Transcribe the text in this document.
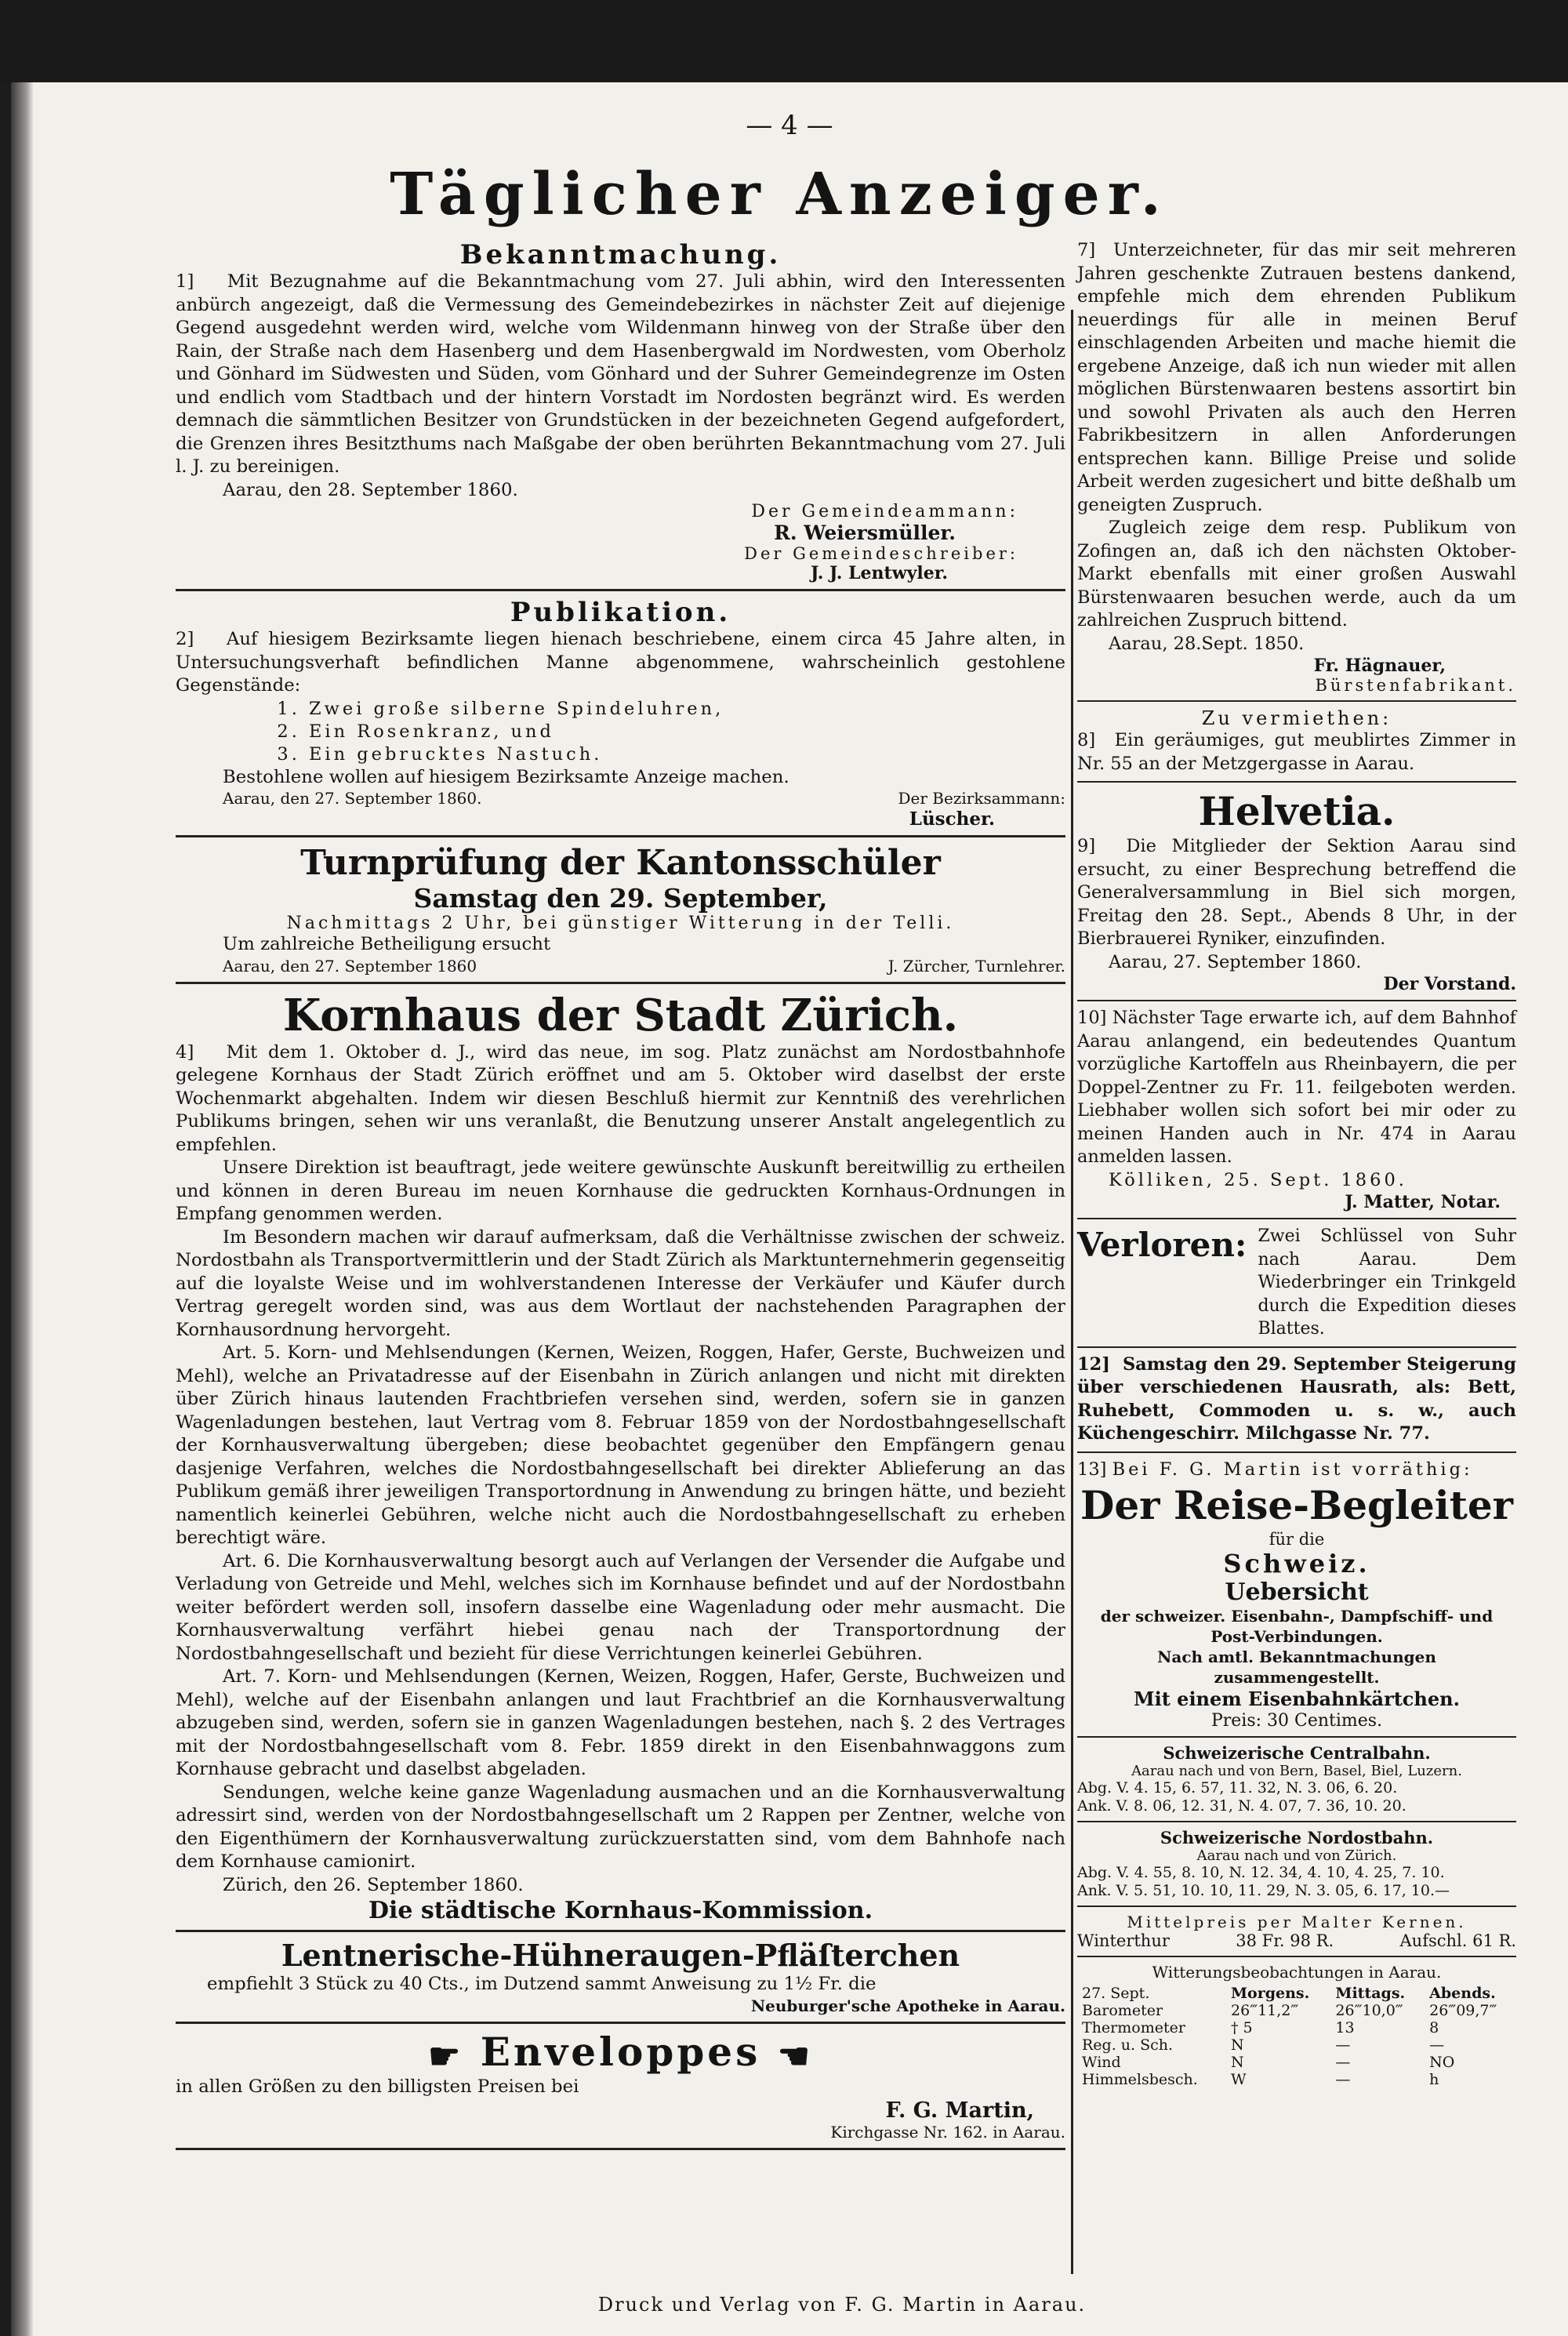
— 4 —
Täglicher Anzeiger.

Bekanntmachung.

1] Mit Bezugnahme auf die Bekanntmachung vom 27. Juli abhin, wird den Interessenten anbürch angezeigt, daß die Vermessung des Gemeindebezirkes in nächster Zeit auf diejenige Gegend ausgedehnt werden wird, welche vom Wildenmann hinweg von der Straße über den Rain, der Straße nach dem Hasenberg und dem Hasenbergwald im Nordwesten, vom Oberholz und Gönhard im Südwesten und Süden, vom Gönhard und der Suhrer Gemeindegrenze im Osten und endlich vom Stadtbach und der hintern Vorstadt im Nordosten begränzt wird. Es werden demnach die sämmtlichen Besitzer von Grundstücken in der bezeichneten Gegend aufgefordert, die Grenzen ihres Besitzthums nach Maßgabe der oben berührten Bekanntmachung vom 27. Juli l. J. zu bereinigen.

Aarau, den 28. September 1860.

Der Gemeindeammann:

R. Weiersmüller.

Der Gemeindeschreiber:

J. J. Lentwyler.

Publikation.

2] Auf hiesigem Bezirksamte liegen hienach beschriebene, einem circa 45 Jahre alten, in Untersuchungsverhaft befindlichen Manne abgenommene, wahrscheinlich gestohlene Gegenstände:

1. Zwei große silberne Spindeluhren,
2. Ein Rosenkranz, und
3. Ein gebrucktes Nastuch.

Bestohlene wollen auf hiesigem Bezirksamte Anzeige machen.

Aarau, den 27. September 1860.	Der Bezirksammann:

Lüscher.

Turnprüfung der Kantonsschüler

Samstag den 29. September,

Nachmittags 2 Uhr, bei günstiger Witterung in der Telli.

Um zahlreiche Betheiligung ersucht

Aarau, den 27. September 1860	J. Zürcher, Turnlehrer.

Kornhaus der Stadt Zürich.

4] Mit dem 1. Oktober d. J., wird das neue, im sog. Platz zunächst am Nordostbahnhofe gelegene Kornhaus der Stadt Zürich eröffnet und am 5. Oktober wird daselbst der erste Wochenmarkt abgehalten. Indem wir diesen Beschluß hiermit zur Kenntniß des verehrlichen Publikums bringen, sehen wir uns veranlaßt, die Benutzung unserer Anstalt angelegentlich zu empfehlen.

Unsere Direktion ist beauftragt, jede weitere gewünschte Auskunft bereitwillig zu ertheilen und können in deren Bureau im neuen Kornhause die gedruckten Kornhaus-Ordnungen in Empfang genommen werden.

Im Besondern machen wir darauf aufmerksam, daß die Verhältnisse zwischen der schweiz. Nordostbahn als Transportvermittlerin und der Stadt Zürich als Marktunternehmerin gegenseitig auf die loyalste Weise und im wohlverstandenen Interesse der Verkäufer und Käufer durch Vertrag geregelt worden sind, was aus dem Wortlaut der nachstehenden Paragraphen der Kornhausordnung hervorgeht.

Art. 5. Korn- und Mehlsendungen (Kernen, Weizen, Roggen, Hafer, Gerste, Buchweizen und Mehl), welche an Privatadresse auf der Eisenbahn in Zürich anlangen und nicht mit direkten über Zürich hinaus lautenden Frachtbriefen versehen sind, werden, sofern sie in ganzen Wagenladungen bestehen, laut Vertrag vom 8. Februar 1859 von der Nordostbahngesellschaft der Kornhausverwaltung übergeben; diese beobachtet gegenüber den Empfängern genau dasjenige Verfahren, welches die Nordostbahngesellschaft bei direkter Ablieferung an das Publikum gemäß ihrer jeweiligen Transportordnung in Anwendung zu bringen hätte, und bezieht namentlich keinerlei Gebühren, welche nicht auch die Nordostbahngesellschaft zu erheben berechtigt wäre.

Art. 6. Die Kornhausverwaltung besorgt auch auf Verlangen der Versender die Aufgabe und Verladung von Getreide und Mehl, welches sich im Kornhause befindet und auf der Nordostbahn weiter befördert werden soll, insofern dasselbe eine Wagenladung oder mehr ausmacht. Die Kornhausverwaltung verfährt hiebei genau nach der Transportordnung der Nordostbahngesellschaft und bezieht für diese Verrichtungen keinerlei Gebühren.

Art. 7. Korn- und Mehlsendungen (Kernen, Weizen, Roggen, Hafer, Gerste, Buchweizen und Mehl), welche auf der Eisenbahn anlangen und laut Frachtbrief an die Kornhausverwaltung abzugeben sind, werden, sofern sie in ganzen Wagenladungen bestehen, nach §. 2 des Vertrages mit der Nordostbahngesellschaft vom 8. Febr. 1859 direkt in den Eisenbahnwaggons zum Kornhause gebracht und daselbst abgeladen.

Sendungen, welche keine ganze Wagenladung ausmachen und an die Kornhausverwaltung adressirt sind, werden von der Nordostbahngesellschaft um 2 Rappen per Zentner, welche von den Eigenthümern der Kornhausverwaltung zurückzuerstatten sind, vom dem Bahnhofe nach dem Kornhause camionirt.

Zürich, den 26. September 1860.

Die städtische Kornhaus-Kommission.

Lentnerische-Hühneraugen-Pfläſterchen

empfiehlt 3 Stück zu 40 Cts., im Dutzend sammt Anweisung zu 1½ Fr. die

Neuburger'sche Apotheke in Aarau.

☛ Enveloppes ☚

in allen Größen zu den billigsten Preisen bei

F. G. Martin,

Kirchgasse Nr. 162. in Aarau.

7] Unterzeichneter, für das mir seit mehreren Jahren geschenkte Zutrauen bestens dankend, empfehle mich dem ehrenden Publikum neuerdings für alle in meinen Beruf einschlagenden Arbeiten und mache hiemit die ergebene Anzeige, daß ich nun wieder mit allen möglichen Bürstenwaaren bestens assortirt bin und sowohl Privaten als auch den Herren Fabrikbesitzern in allen Anforderungen entsprechen kann. Billige Preise und solide Arbeit werden zugesichert und bitte deßhalb um geneigten Zuspruch.

Zugleich zeige dem resp. Publikum von Zofingen an, daß ich den nächsten Oktober-Markt ebenfalls mit einer großen Auswahl Bürstenwaaren besuchen werde, auch da um zahlreichen Zuspruch bittend.

Aarau, 28.Sept. 1850.

Fr. Hägnauer,

Bürstenfabrikant.

Zu vermiethen:

8] Ein geräumiges, gut meublirtes Zimmer in Nr. 55 an der Metzgergasse in Aarau.

Helvetia.

9] Die Mitglieder der Sektion Aarau sind ersucht, zu einer Besprechung betreffend die Generalversammlung in Biel sich morgen, Freitag den 28. Sept., Abends 8 Uhr, in der Bierbrauerei Ryniker, einzufinden.

Aarau, 27. September 1860.

Der Vorstand.

10] Nächster Tage erwarte ich, auf dem Bahnhof Aarau anlangend, ein bedeutendes Quantum vorzügliche Kartoffeln aus Rheinbayern, die per Doppel-Zentner zu Fr. 11. feilgeboten werden. Liebhaber wollen sich sofort bei mir oder zu meinen Handen auch in Nr. 474 in Aarau anmelden lassen.

Kölliken, 25. Sept. 1860.

J. Matter, Notar.

Verloren: Zwei Schlüssel von Suhr nach Aarau. Dem Wiederbringer ein Trinkgeld durch die Expedition dieses Blattes.

12] Samstag den 29. September Steigerung über verschiedenen Hausrath, als: Bett, Ruhebett, Commoden u. s. w., auch Küchengeschirr. Milchgasse Nr. 77.

13] Bei F. G. Martin ist vorräthig:

Der Reise-Begleiter

für die

Schweiz.

Uebersicht

der schweizer. Eisenbahn-, Dampfschiff- und Post-Verbindungen.

Nach amtl. Bekanntmachungen zusammengestellt.

Mit einem Eisenbahnkärtchen.

Preis: 30 Centimes.

Schweizerische Centralbahn.

Aarau nach und von Bern, Basel, Biel, Luzern.

Abg. V. 4. 15, 6. 57, 11. 32, N. 3. 06, 6. 20.

Ank. V. 8. 06, 12. 31, N. 4. 07, 7. 36, 10. 20.

Schweizerische Nordostbahn.

Aarau nach und von Zürich.

Abg. V. 4. 55, 8. 10, N. 12. 34, 4. 10, 4. 25, 7. 10.

Ank. V. 5. 51, 10. 10, 11. 29, N. 3. 05, 6. 17, 10.—

Mittelpreis per Malter Kernen.

Winterthur	38 Fr. 98 R.	Aufschl. 61 R.

Witterungsbeobachtungen in Aarau.

27. Sept.	Morgens.	Mittags.	Abends.
Barometer	26‴11,2‴	26‴10,0‴	26‴09,7‴
Thermometer	† 5	13	8
Reg. u. Sch.	N	—	—
Wind	N	—	NO
Himmelsbesch.	W	—	h
Druck und Verlag von F. G. Martin in Aarau.
